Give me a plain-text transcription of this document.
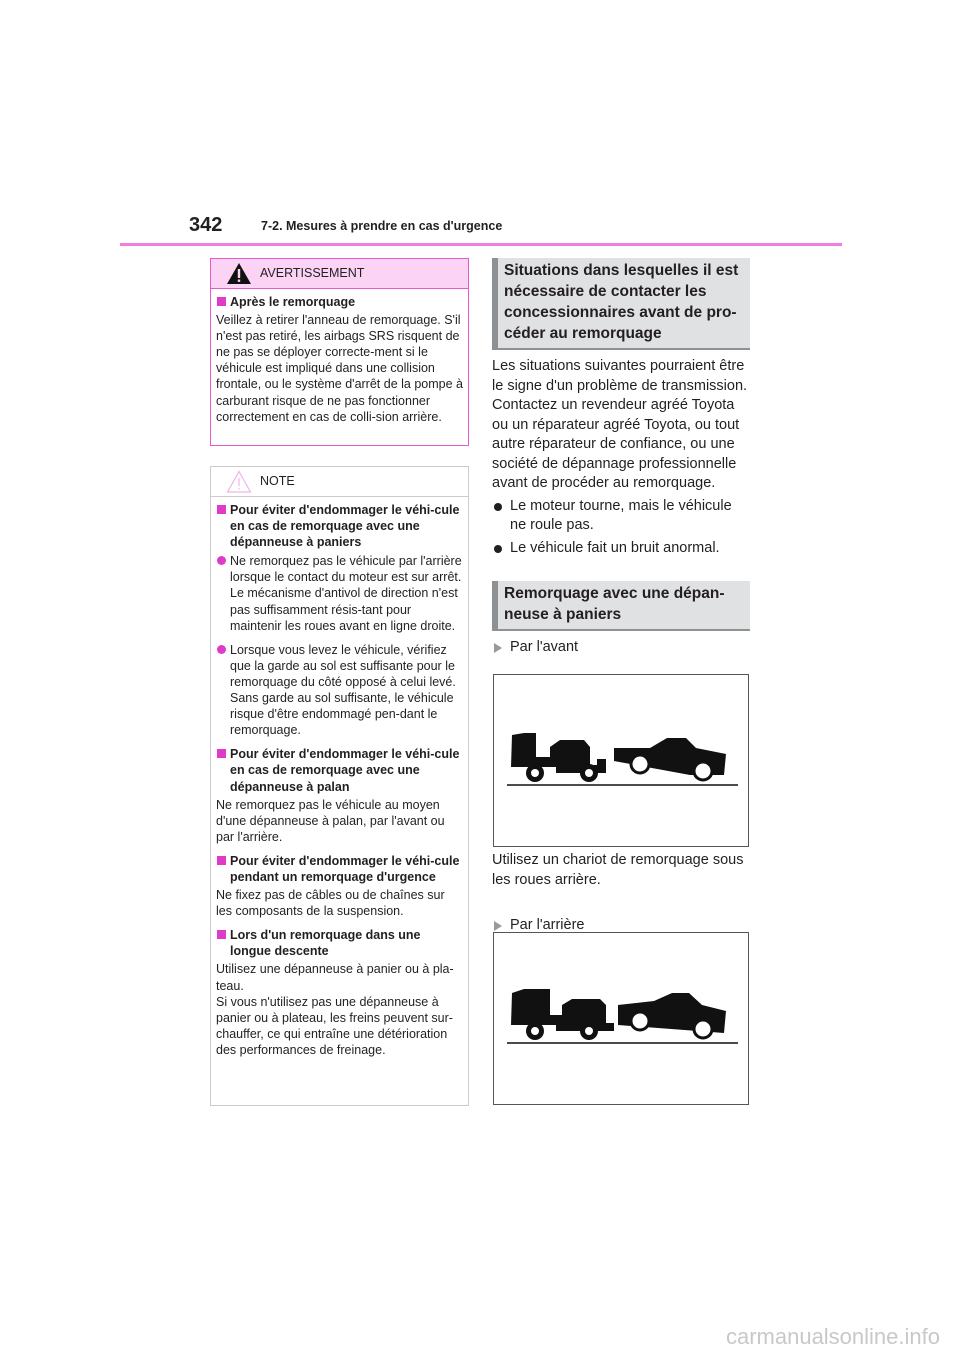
342	7-2. Mesures à prendre en cas d'urgence
AVERTISSEMENT
Après le remorquage
Veillez à retirer l'anneau de remorquage. S'il n'est pas retiré, les airbags SRS risquent de ne pas se déployer correcte-ment si le véhicule est impliqué dans une collision frontale, ou le système d'arrêt de la pompe à carburant risque de ne pas fonctionner correctement en cas de colli-sion arrière.
NOTE
Pour éviter d'endommager le véhi-cule en cas de remorquage avec une dépanneuse à paniers
Ne remorquez pas le véhicule par l'arrière lorsque le contact du moteur est sur arrêt. Le mécanisme d'antivol de direction n'est pas suffisamment résis-tant pour maintenir les roues avant en ligne droite.
Lorsque vous levez le véhicule, vérifiez que la garde au sol est suffisante pour le remorquage du côté opposé à celui levé. Sans garde au sol suffisante, le véhicule risque d'être endommagé pen-dant le remorquage.
Pour éviter d'endommager le véhi-cule en cas de remorquage avec une dépanneuse à palan
Ne remorquez pas le véhicule au moyen d'une dépanneuse à palan, par l'avant ou par l'arrière.
Pour éviter d'endommager le véhi-cule pendant un remorquage d'urgence
Ne fixez pas de câbles ou de chaînes sur les composants de la suspension.
Lors d'un remorquage dans une longue descente
Utilisez une dépanneuse à panier ou à pla-teau.
Si vous n'utilisez pas une dépanneuse à panier ou à plateau, les freins peuvent sur-chauffer, ce qui entraîne une détérioration des performances de freinage.
Situations dans lesquelles il est nécessaire de contacter les concessionnaires avant de pro-céder au remorquage
Les situations suivantes pourraient être le signe d'un problème de transmission. Contactez un revendeur agréé Toyota ou un réparateur agréé Toyota, ou tout autre réparateur de confiance, ou une société de dépannage professionnelle avant de procéder au remorquage.
Le moteur tourne, mais le véhicule ne roule pas.
Le véhicule fait un bruit anormal.
Remorquage avec une dépan-neuse à paniers
Par l'avant
Utilisez un chariot de remorquage sous les roues arrière.
Par l'arrière
carmanualsonline.info
